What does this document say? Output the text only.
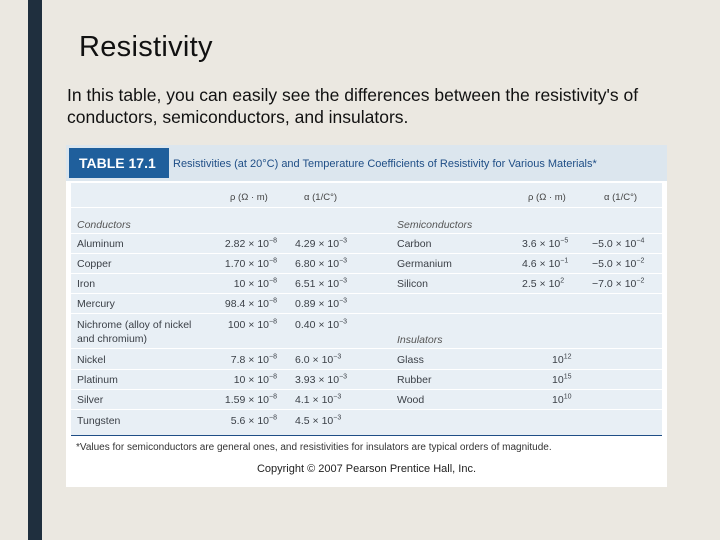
Resistivity
In this table, you can easily see the differences between the resistivity's of conductors, semiconductors, and insulators.
TABLE 17.1	Resistivities (at 20°C) and Temperature Coefficients of Resistivity for Various Materials*
ρ (Ω · m)	α (1/C°)	ρ (Ω · m)	α (1/C°)
Conductors	Semiconductors
Insulators
Aluminum	$2.82 \times 10^{-8}$ $4.29 \times 10^{-3}$
Copper	$1.70 \times 10^{-8}$ $6.80 \times 10^{-3}$
Iron	$10 \times 10^{-8}$ $6.51 \times 10^{-3}$
Mercury	$98.4 \times 10^{-8}$ $0.89 \times 10^{-3}$
Nichrome (alloy of nickel
and chromium)
$100 \times 10^{-8}$ $0.40 \times 10^{-3}$
Nickel	$7.8 \times 10^{-8}$ $6.0 \times 10^{-3}$
Platinum	$10 \times 10^{-8}$ $3.93 \times 10^{-3}$
Silver	$1.59 \times 10^{-8}$ $4.1 \times 10^{-3}$
Tungsten	$5.6 \times 10^{-8}$ $4.5 \times 10^{-3}$
Carbon	$3.6 \times 10^{-5} -5.0 \times 10^{-4}$
Germanium	$4.6 \times 10^{-1} -5.0 \times 10^{-2}$
Silicon	$2.5 \times 10^2$	$-7.0 \times 10^{-2}$
Glass	$10^{12}$
Rubber	$10^{15}$
Wood	$10^{10}$
*Values for semiconductors are general ones, and resistivities for insulators are typical orders of magnitude.
Copyright © 2007 Pearson Prentice Hall, Inc.
